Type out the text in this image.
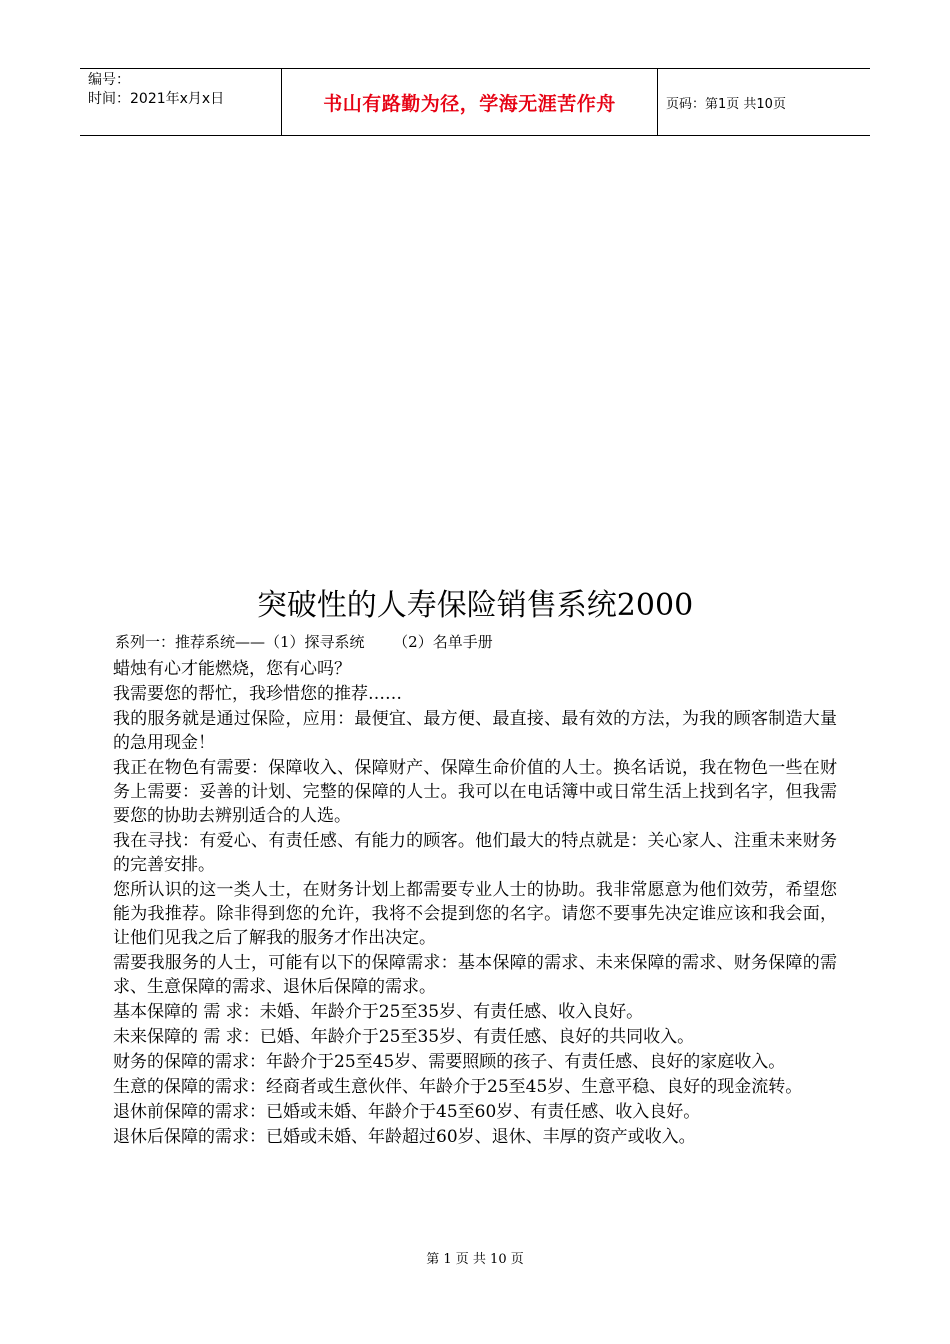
编号：
时间：2021年x月x日	书山有路勤为径，学海无涯苦作舟	页码：第1页 共10页
突破性的人寿保险销售系统2000
系列一：推荐系统——（1）探寻系统      （2）名单手册

蜡烛有心才能燃烧，您有心吗？

我需要您的帮忙，我珍惜您的推荐……

我的服务就是通过保险，应用：最便宜、最方便、最直接、最有效的方法，为我的顾客制造大量的急用现金！

我正在物色有需要：保障收入、保障财产、保障生命价值的人士。换名话说，我在物色一些在财务上需要：妥善的计划、完整的保障的人士。我可以在电话簿中或日常生活上找到名字，但我需要您的协助去辨别适合的人选。

我在寻找：有爱心、有责任感、有能力的顾客。他们最大的特点就是：关心家人、注重未来财务的完善安排。

您所认识的这一类人士，在财务计划上都需要专业人士的协助。我非常愿意为他们效劳，希望您能为我推荐。除非得到您的允许，我将不会提到您的名字。请您不要事先决定谁应该和我会面，让他们见我之后了解我的服务才作出决定。

需要我服务的人士，可能有以下的保障需求：基本保障的需求、未来保障的需求、财务保障的需求、生意保障的需求、退休后保障的需求。

基本保障的 需 求：未婚、年龄介于25至35岁、有责任感、收入良好。

未来保障的 需 求：已婚、年龄介于25至35岁、有责任感、良好的共同收入。

财务的保障的需求：年龄介于25至45岁、需要照顾的孩子、有责任感、良好的家庭收入。

生意的保障的需求：经商者或生意伙伴、年龄介于25至45岁、生意平稳、良好的现金流转。

退休前保障的需求：已婚或未婚、年龄介于45至60岁、有责任感、收入良好。

退休后保障的需求：已婚或未婚、年龄超过60岁、退休、丰厚的资产或收入。

第 1 页 共 10 页
